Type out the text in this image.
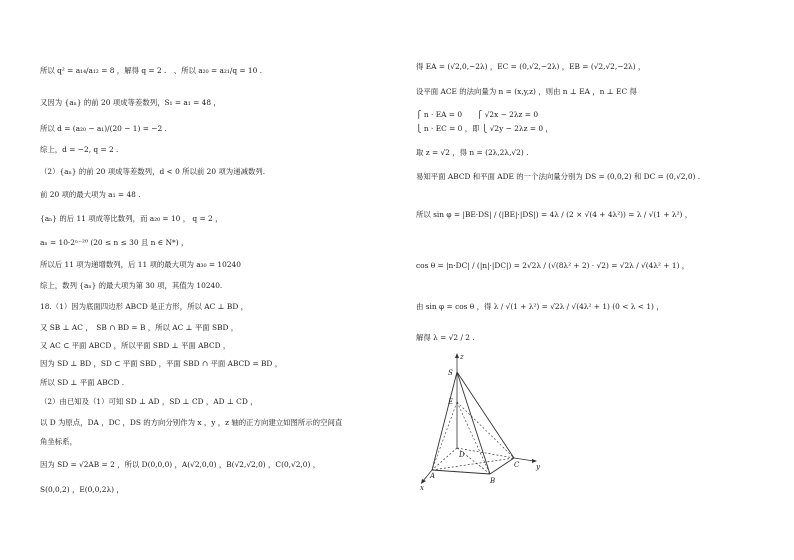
所以 q² = a₁₄/a₁₂ = 8 ，解得 q = 2 .　、所以 a₂₀ = a₂₁/q = 10 .
又因为 {aₙ} 的前 20 项成等差数列，S₁ = a₁ = 48 ，
所以 d = (a₂₀ − a₁)/(20 − 1) = −2 .
综上，d = −2, q = 2 .
（2）{aₙ} 的前 20 项成等差数列，d < 0 所以前 20 项为递减数列.
前 20 项的最大项为 a₁ = 48 .
{aₙ} 的后 11 项成等比数列，而 a₂₀ = 10 ， q = 2 ，
aₙ = 10·2ⁿ⁻²⁰ (20 ≤ n ≤ 30 且 n ∈ N*) ，
所以后 11 项为递增数列，后 11 项的最大项为 a₃₀ = 10240
综上，数列 {aₙ} 的最大项为第 30 项，其值为 10240.
18.（1）因为底面四边形 ABCD 是正方形，所以 AC ⊥ BD ，
又 SB ⊥ AC ，　SB ∩ BD = B ，所以 AC ⊥ 平面 SBD ，
又 AC ⊂ 平面 ABCD ，所以平面 SBD ⊥ 平面 ABCD ，
因为 SD ⊥ BD ，SD ⊂ 平面 SBD ，平面 SBD ∩ 平面 ABCD = BD ，
所以 SD ⊥ 平面 ABCD .
（2）由已知及（1）可知 SD ⊥ AD ，SD ⊥ CD ，AD ⊥ CD ，
以 D 为原点，DA ，DC ，DS 的方向分别作为 x ，y ，z 轴的正方向建立如图所示的空间直
角坐标系，
因为 SD = √2AB = 2 ，所以 D(0,0,0) ，A(√2,0,0) ，B(√2,√2,0) ，C(0,√2,0) ，
S(0,0,2) ，E(0,0,2λ) ，
得 EA = (√2,0,−2λ) ，EC = (0,√2,−2λ) ，EB = (√2,√2,−2λ) ，
设平面 ACE 的法向量为 n = (x,y,z) ，则由 n ⊥ EA ，n ⊥ EC 得
⎧ n · EA = 0　　⎧ √2x − 2λz = 0
⎩ n · EC = 0 ，即 ⎩ √2y − 2λz = 0 ，
取 z = √2 ，得 n = (2λ,2λ,√2) .
易知平面 ABCD 和平面 ADE 的一个法向量分别为 DS = (0,0,2) 和 DC = (0,√2,0) .
所以 sin φ = |BE·DS| / (|BE|·|DS|) = 4λ / (2 × √(4 + 4λ²)) = λ / √(1 + λ²) ，
cos θ = |n·DC| / (|n|·|DC|) = 2√2λ / (√(8λ² + 2) · √2) = √2λ / √(4λ² + 1) ，
由 sin φ = cos θ ，得 λ / √(1 + λ²) = √2λ / √(4λ² + 1) (0 < λ < 1) ，
解得 λ = √2 / 2 .
z
S
E
D
A
B
C
x
y
